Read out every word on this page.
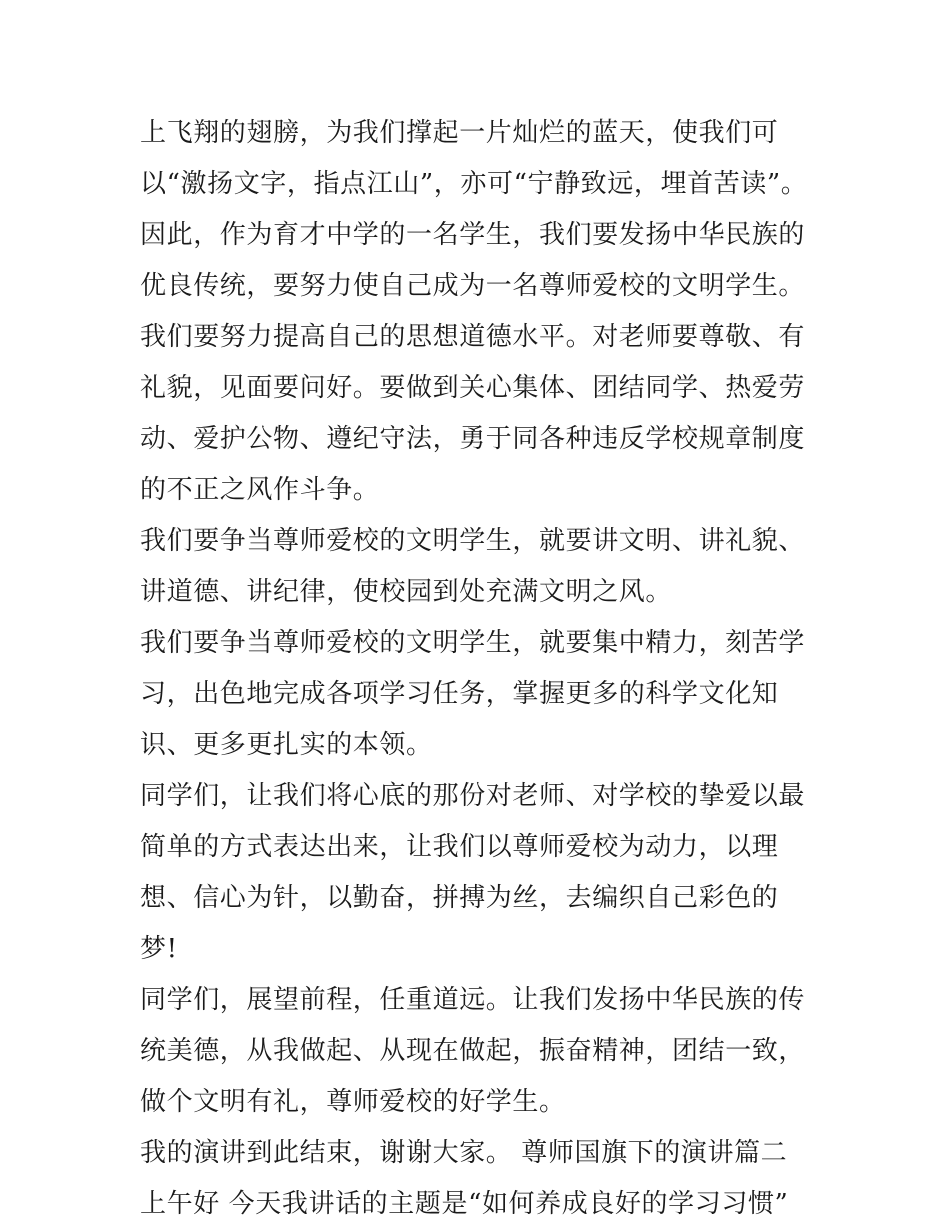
上飞翔的翅膀，为我们撑起一片灿烂的蓝天，使我们可以“激扬文字，指点江山”，亦可“宁静致远，埋首苦读”。

因此，作为育才中学的一名学生，我们要发扬中华民族的优良传统，要努力使自己成为一名尊师爱校的文明学生。我们要努力提高自己的思想道德水平。对老师要尊敬、有礼貌，见面要问好。要做到关心集体、团结同学、热爱劳动、爱护公物、遵纪守法，勇于同各种违反学校规章制度的不正之风作斗争。

我们要争当尊师爱校的文明学生，就要讲文明、讲礼貌、讲道德、讲纪律，使校园到处充满文明之风。

我们要争当尊师爱校的文明学生，就要集中精力，刻苦学习，出色地完成各项学习任务，掌握更多的科学文化知识、更多更扎实的本领。

同学们，让我们将心底的那份对老师、对学校的挚爱以最简单的方式表达出来，让我们以尊师爱校为动力，以理想、信心为针，以勤奋，拼搏为丝，去编织自己彩色的梦!

同学们，展望前程，任重道远。让我们发扬中华民族的传统美德，从我做起、从现在做起，振奋精神，团结一致，做个文明有礼，尊师爱校的好学生。

我的演讲到此结束，谢谢大家。 尊师国旗下的演讲篇二 上午好 今天我讲话的主题是“如何养成良好的学习习惯”
